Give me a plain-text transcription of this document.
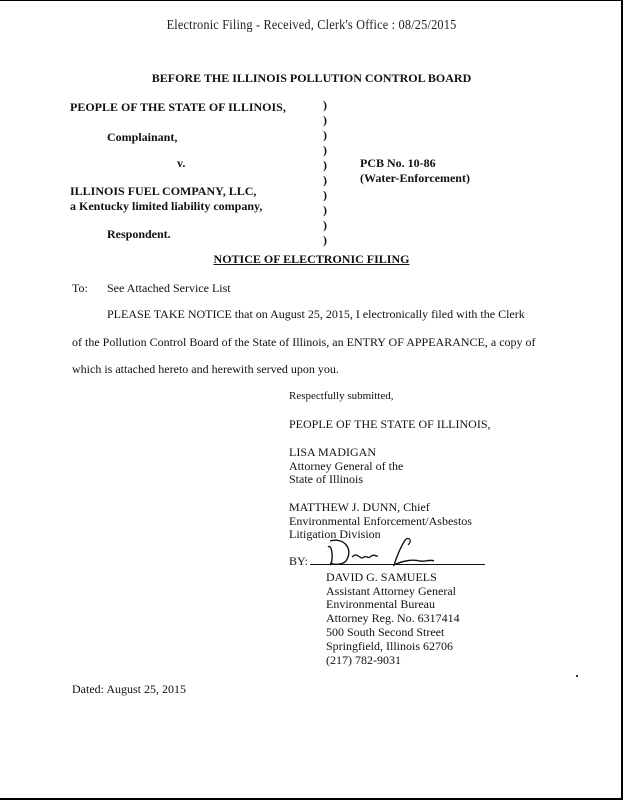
Electronic Filing - Received, Clerk's Office : 08/25/2015
BEFORE THE ILLINOIS POLLUTION CONTROL BOARD
PEOPLE OF THE STATE OF ILLINOIS,
Complainant,
v.
ILLINOIS FUEL COMPANY, LLC,
a Kentucky limited liability company,
Respondent.
)
)
)
)
)
)
)
)
)
)
PCB No. 10-86
(Water-Enforcement)
NOTICE OF ELECTRONIC FILING
To: See Attached Service List
PLEASE TAKE NOTICE that on August 25, 2015, I electronically filed with the Clerk
of the Pollution Control Board of the State of Illinois, an ENTRY OF APPEARANCE, a copy of
which is attached hereto and herewith served upon you.
Respectfully submitted,
PEOPLE OF THE STATE OF ILLINOIS,
LISA MADIGAN
Attorney General of the
State of Illinois
MATTHEW J. DUNN, Chief
Environmental Enforcement/Asbestos
Litigation Division
BY:
DAVID G. SAMUELS
Assistant Attorney General
Environmental Bureau
Attorney Reg. No. 6317414
500 South Second Street
Springfield, Illinois 62706
(217) 782-9031
Dated: August 25, 2015
